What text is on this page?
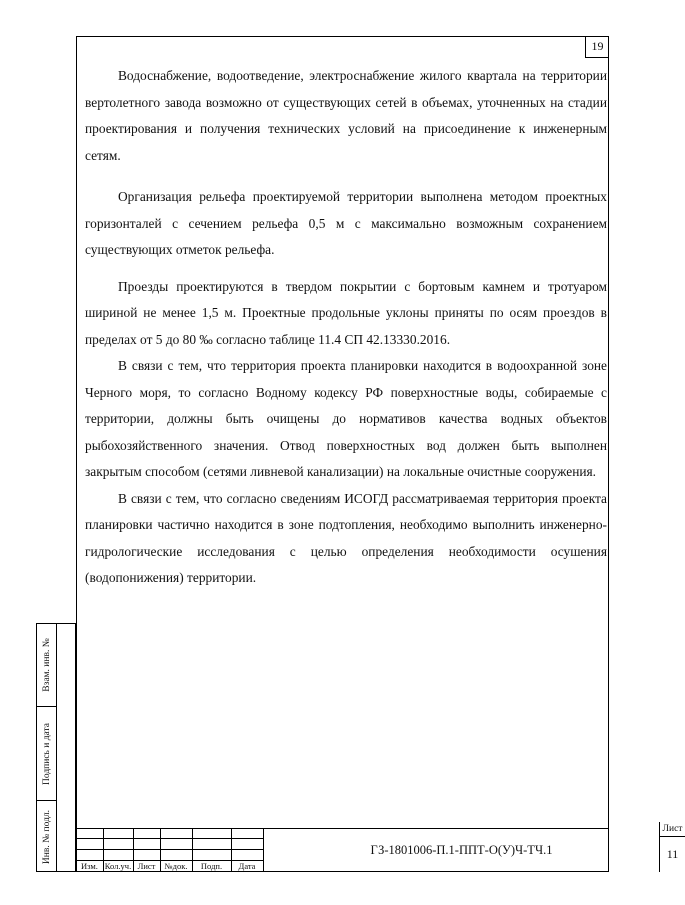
19

Водоснабжение, водоотведение, электроснабжение жилого квартала на территории вертолетного завода возможно от существующих сетей в объемах, уточненных на стадии проектирования и получения технических условий на присоединение к инженерным сетям.

Организация рельефа проектируемой территории выполнена методом проектных горизонталей с сечением рельефа 0,5 м с максимально возможным сохранением существующих отметок рельефа.

Проезды проектируются в твердом покрытии с бортовым камнем и тротуаром шириной не менее 1,5 м. Проектные продольные уклоны приняты по осям проездов в пределах от 5 до 80 ‰ согласно таблице 11.4 СП 42.13330.2016.

В связи с тем, что территория проекта планировки находится в водоохранной зоне Черного моря, то согласно Водному кодексу РФ поверхностные воды, собираемые с территории, должны быть очищены до нормативов качества водных объектов рыбохозяйственного значения. Отвод поверхностных вод должен быть выполнен закрытым способом (сетями ливневой канализации) на локальные очистные сооружения.

В связи с тем, что согласно сведениям ИСОГД рассматриваемая территория проекта планировки частично находится в зоне подтопления, необходимо выполнить инженерно-гидрологические исследования с целью определения необходимости осушения (водопонижения) территории.

Взам. инв. №
Подпись и дата
Инв. № подл.
Изм. Кол.уч. Лист	№док.	Подп.	Дата
ГЗ-1801006-П.1-ППТ-О(У)Ч-ТЧ.1
Лист
11
